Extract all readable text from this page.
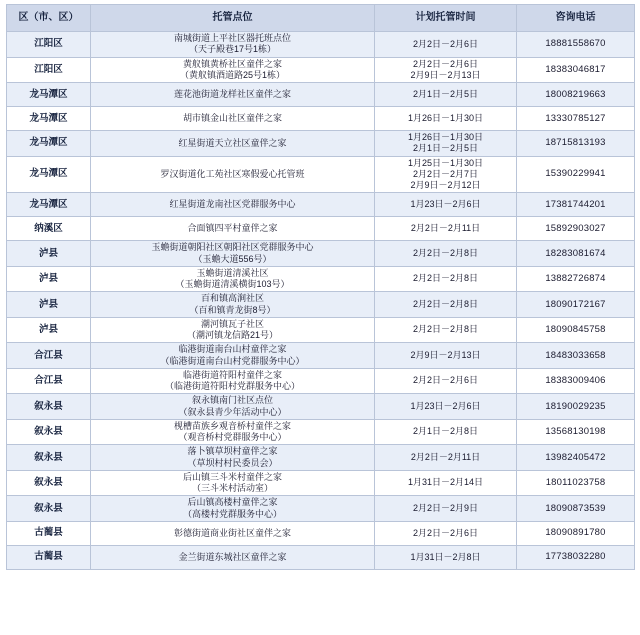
区（市、区）	托管点位	计划托管时间	咨询电话
江阳区	南城街道上平社区器托班点位
（天子殿巷17号1栋）	2月2日－2月6日	18881558670
江阳区	黄舣镇黄桥社区童伴之家
（黄舣镇酒道路25号1栋）	2月2日－2月6日
2月9日－2月13日	18383046817
龙马潭区	莲花池街道龙样社区童伴之家	2月1日－2月5日	18008219663
龙马潭区	胡市镇金山社区童伴之家	1月26日－1月30日	13330785127
龙马潭区	红星街道天立社区童伴之家	1月26日－1月30日
2月1日－2月5日	18715813193
龙马潭区	罗汉街道化工苑社区寒假爱心托管班	1月25日－1月30日
2月2日－2月7日
2月9日－2月12日	15390229941
龙马潭区	红星街道龙南社区党群服务中心	1月23日－2月6日	17381744201
纳溪区	合面镇四平村童伴之家	2月2日－2月11日	15892903027
泸县	玉蟾街道朝阳社区朝阳社区党群服务中心
（玉蟾大道556号）	2月2日－2月8日	18283081674
泸县	玉蟾街道清溪社区
（玉蟾街道清溪横街103号）	2月2日－2月8日	13882726874
泸县	百和镇高涧社区
（百和镇青龙街8号）	2月2日－2月8日	18090172167
泸县	潮河镇瓦子社区
（潮河镇龙信路21号）	2月2日－2月8日	18090845758
合江县	临港街道南台山村童伴之家
（临港街道南台山村党群服务中心）	2月9日－2月13日	18483033658
合江县	临港街道符阳村童伴之家
（临港街道符阳村党群服务中心）	2月2日－2月6日	18383009406
叙永县	叙永镇南门社区点位
（叙永县青少年活动中心）	1月23日－2月6日	18190029235
叙永县	枧槽苗族乡观音桥村童伴之家
（观音桥村党群服务中心）	2月1日－2月8日	13568130198
叙永县	落卜镇草坝村童伴之家
（草坝村村民委员会）	2月2日－2月11日	13982405472
叙永县	后山镇三斗米村童伴之家
（三斗米村活动室）	1月31日－2月14日	18011023758
叙永县	后山镇高楼村童伴之家
（高楼村党群服务中心）	2月2日－2月9日	18090873539
古蔺县	彰德街道商业街社区童伴之家	2月2日－2月6日	18090891780
古蔺县	金兰街道东城社区童伴之家	1月31日－2月8日	17738032280
